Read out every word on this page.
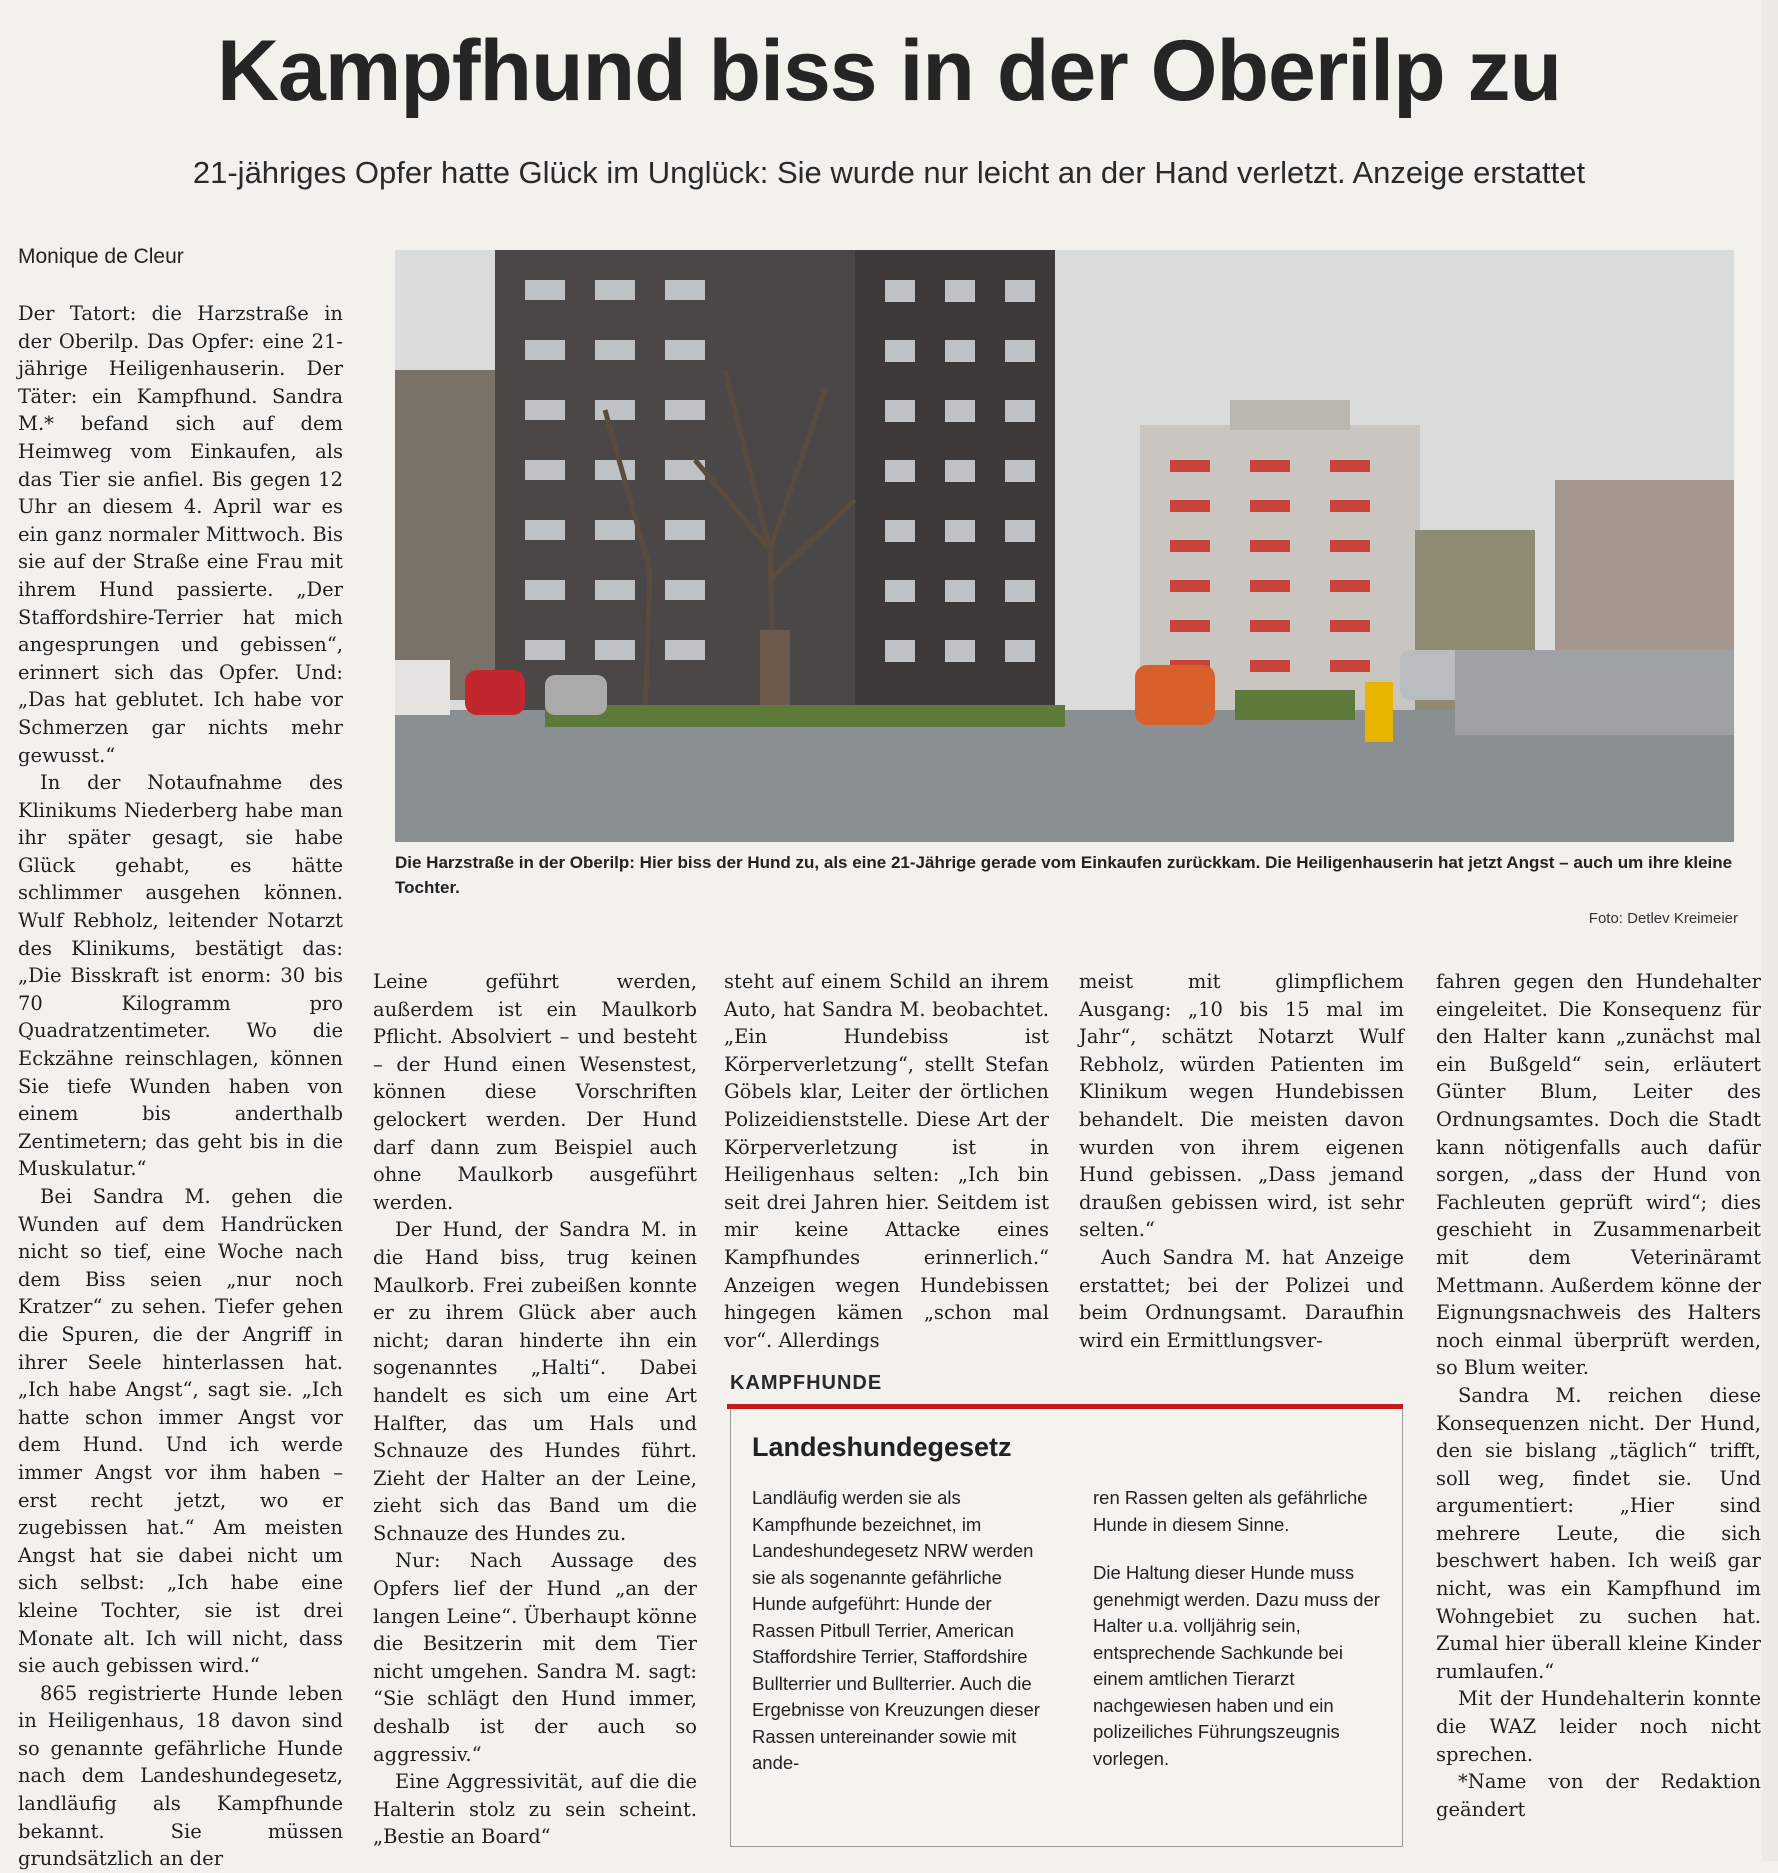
Kampfhund biss in der Oberilp zu
21-jähriges Opfer hatte Glück im Unglück: Sie wurde nur leicht an der Hand verletzt. Anzeige erstattet
Monique de Cleur

Der Tatort: die Harzstraße in der Oberilp. Das Opfer: eine 21-jährige Heiligenhauserin. Der Täter: ein Kampfhund. Sandra M.* befand sich auf dem Heimweg vom Einkaufen, als das Tier sie anfiel. Bis gegen 12 Uhr an diesem 4. April war es ein ganz normaler Mittwoch. Bis sie auf der Straße eine Frau mit ihrem Hund passierte. „Der Staffordshire-Terrier hat mich angesprungen und gebissen“, erinnert sich das Opfer. Und: „Das hat geblutet. Ich habe vor Schmerzen gar nichts mehr gewusst.“

In der Notaufnahme des Klinikums Niederberg habe man ihr später gesagt, sie habe Glück gehabt, es hätte schlimmer ausgehen können. Wulf Rebholz, leitender Notarzt des Klinikums, bestätigt das: „Die Bisskraft ist enorm: 30 bis 70 Kilogramm pro Quadratzentimeter. Wo die Eckzähne reinschlagen, können Sie tiefe Wunden haben von einem bis anderthalb Zentimetern; das geht bis in die Muskulatur.“

Bei Sandra M. gehen die Wunden auf dem Handrücken nicht so tief, eine Woche nach dem Biss seien „nur noch Kratzer“ zu sehen. Tiefer gehen die Spuren, die der Angriff in ihrer Seele hinterlassen hat. „Ich habe Angst“, sagt sie. „Ich hatte schon immer Angst vor dem Hund. Und ich werde immer Angst vor ihm haben – erst recht jetzt, wo er zugebissen hat.“ Am meisten Angst hat sie dabei nicht um sich selbst: „Ich habe eine kleine Tochter, sie ist drei Monate alt. Ich will nicht, dass sie auch gebissen wird.“

865 registrierte Hunde leben in Heiligenhaus, 18 davon sind so genannte gefährliche Hunde nach dem Landeshundegesetz, landläufig als Kampfhunde bekannt. Sie müssen grundsätzlich an der

Die Harzstraße in der Oberilp: Hier biss der Hund zu, als eine 21-Jährige gerade vom Einkaufen zurückkam. Die Heiligenhauserin hat jetzt Angst – auch um ihre kleine Tochter.
Foto: Detlev Kreimeier

Leine geführt werden, außerdem ist ein Maulkorb Pflicht. Absolviert – und besteht – der Hund einen Wesenstest, können diese Vorschriften gelockert werden. Der Hund darf dann zum Beispiel auch ohne Maulkorb ausgeführt werden.

Der Hund, der Sandra M. in die Hand biss, trug keinen Maulkorb. Frei zubeißen konnte er zu ihrem Glück aber auch nicht; daran hinderte ihn ein sogenanntes „Halti“. Dabei handelt es sich um eine Art Halfter, das um Hals und Schnauze des Hundes führt. Zieht der Halter an der Leine, zieht sich das Band um die Schnauze des Hundes zu.

Nur: Nach Aussage des Opfers lief der Hund „an der langen Leine“. Überhaupt könne die Besitzerin mit dem Tier nicht umgehen. Sandra M. sagt: “Sie schlägt den Hund immer, deshalb ist der auch so aggressiv.“

Eine Aggressivität, auf die die Halterin stolz zu sein scheint. „Bestie an Board“

steht auf einem Schild an ihrem Auto, hat Sandra M. beobachtet. „Ein Hundebiss ist Körperverletzung“, stellt Stefan Göbels klar, Leiter der örtlichen Polizeidienststelle. Diese Art der Körperverletzung ist in Heiligenhaus selten: „Ich bin seit drei Jahren hier. Seitdem ist mir keine Attacke eines Kampfhundes erinnerlich.“ Anzeigen wegen Hundebissen hingegen kämen „schon mal vor“. Allerdings

meist mit glimpflichem Ausgang: „10 bis 15 mal im Jahr“, schätzt Notarzt Wulf Rebholz, würden Patienten im Klinikum wegen Hundebissen behandelt. Die meisten davon wurden von ihrem eigenen Hund gebissen. „Dass jemand draußen gebissen wird, ist sehr selten.“

Auch Sandra M. hat Anzeige erstattet; bei der Polizei und beim Ordnungsamt. Daraufhin wird ein Ermittlungsver-

fahren gegen den Hundehalter eingeleitet. Die Konsequenz für den Halter kann „zunächst mal ein Bußgeld“ sein, erläutert Günter Blum, Leiter des Ordnungsamtes. Doch die Stadt kann nötigenfalls auch dafür sorgen, „dass der Hund von Fachleuten geprüft wird“; dies geschieht in Zusammenarbeit mit dem Veterinäramt Mettmann. Außerdem könne der Eignungsnachweis des Halters noch einmal überprüft werden, so Blum weiter.

Sandra M. reichen diese Konsequenzen nicht. Der Hund, den sie bislang „täglich“ trifft, soll weg, findet sie. Und argumentiert: „Hier sind mehrere Leute, die sich beschwert haben. Ich weiß gar nicht, was ein Kampfhund im Wohngebiet zu suchen hat. Zumal hier überall kleine Kinder rumlaufen.“

Mit der Hundehalterin konnte die WAZ leider noch nicht sprechen.

*Name von der Redaktion geändert

KAMPFHUNDE
Landeshundegesetz

Landläufig werden sie als Kampfhunde bezeichnet, im Landeshundegesetz NRW werden sie als sogenannte gefährliche Hunde aufgeführt: Hunde der Rassen Pitbull Terrier, American Staffordshire Terrier, Staffordshire Bullterrier und Bullterrier. Auch die Ergebnisse von Kreuzungen dieser Rassen untereinander sowie mit ande-

ren Rassen gelten als gefährliche Hunde in diesem Sinne.

Die Haltung dieser Hunde muss genehmigt werden. Dazu muss der Halter u.a. volljährig sein, entsprechende Sachkunde bei einem amtlichen Tierarzt nachgewiesen haben und ein polizeiliches Führungszeugnis vorlegen.
